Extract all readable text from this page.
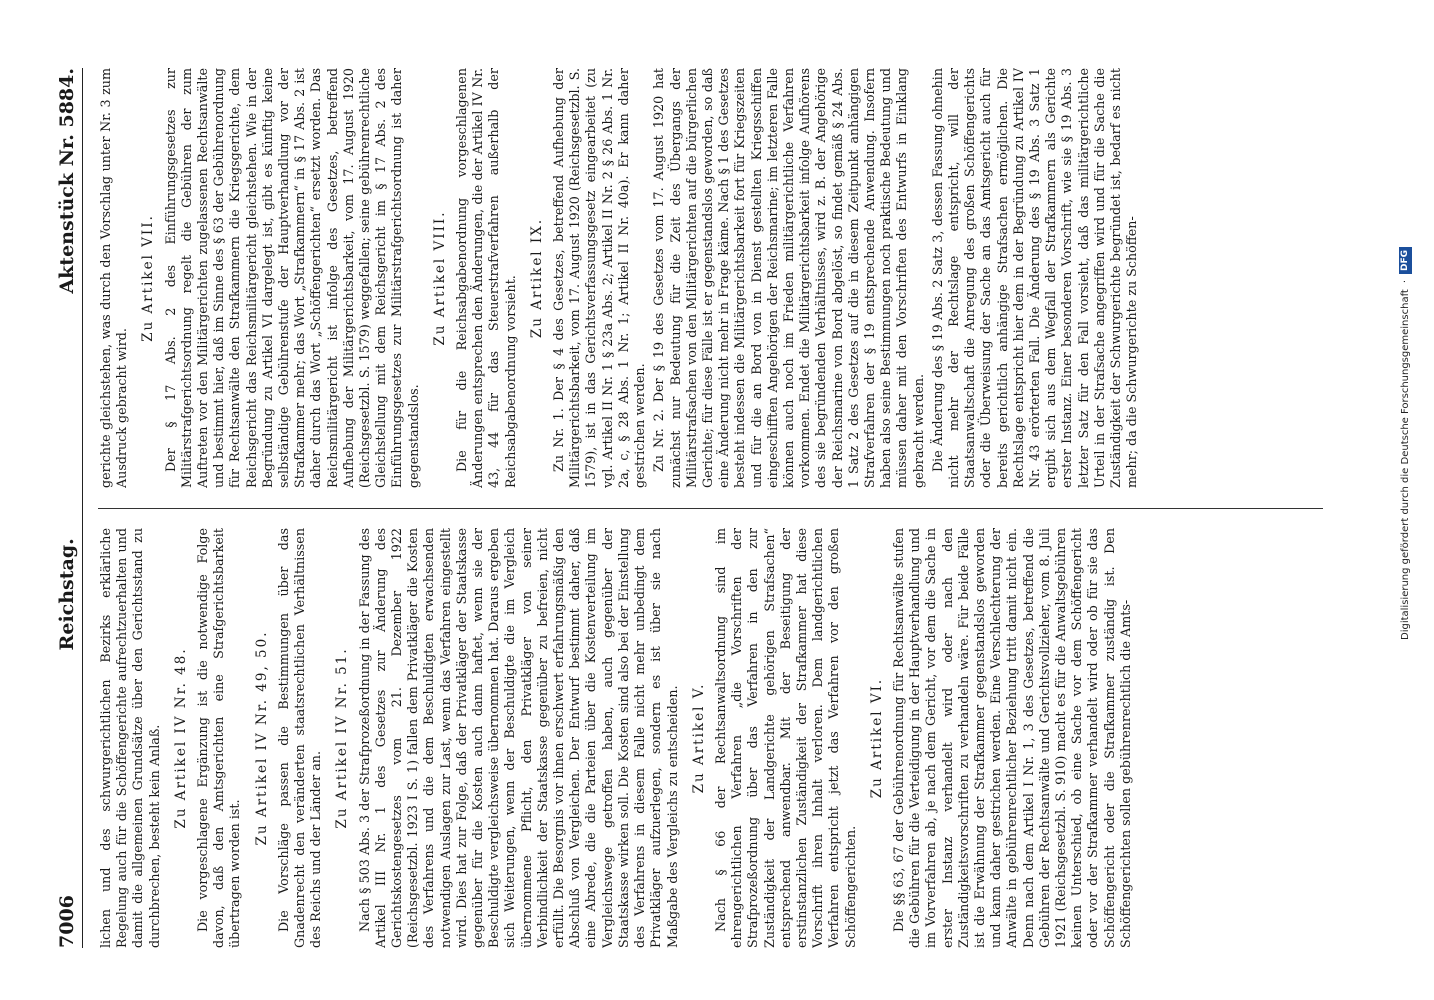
7006
Reichstag.
Aktenstück Nr. 5884.

lichen und des schwurgerichtlichen Bezirks erklärliche Regelung auch für die Schöffengerichte aufrechtzuerhalten und damit die allgemeinen Grundsätze über den Gerichtsstand zu durchbrechen, besteht kein Anlaß. Zu Artikel IV Nr. 48. Die vorgeschlagene Ergänzung ist die notwendige Folge davon, daß den Amtsgerichten eine Strafgerichtsbarkeit übertragen worden ist.

Zu Artikel IV Nr. 49, 50. Die Vorschläge passen die Bestimmungen über das Gnadenrecht den veränderten staatsrechtlichen Verhältnissen des Reichs und der Länder an.

Zu Artikel IV Nr. 51. Nach § 503 Abs. 3 der Strafprozeßordnung in der Fassung des Artikel III Nr. 1 des Gesetzes zur Änderung des Gerichtskostengesetzes vom 21. Dezember 1922 (Reichsgesetzbl. 1923 I S. 1) fallen dem Privatkläger die Kosten des Verfahrens und die dem Beschuldigten erwachsenden notwendigen Auslagen zur Last, wenn das Verfahren eingestellt wird. Dies hat zur Folge, daß der Privatkläger der Staatskasse gegenüber für die Kosten auch dann haftet, wenn sie der Beschuldigte vergleichsweise übernommen hat. Daraus ergeben sich Weiterungen, wenn der Beschuldigte die im Vergleich übernommene Pflicht, den Privatkläger von seiner Verbindlichkeit der Staatskasse gegenüber zu befreien, nicht erfüllt. Die Besorgnis vor ihnen erschwert erfahrungsmäßig den Abschluß von Vergleichen. Der Entwurf bestimmt daher, daß eine Abrede, die die Parteien über die Kostenverteilung im Vergleichswege getroffen haben, auch gegenüber der Staatskasse wirken soll. Die Kosten sind also bei der Einstellung des Verfahrens in diesem Falle nicht mehr unbedingt dem Privatkläger aufzuerlegen, sondern es ist über sie nach Maßgabe des Vergleichs zu entscheiden. Zu Artikel V. Nach § 66 der Rechtsanwaltsordnung sind im ehrengerichtlichen Verfahren „die Vorschriften der Strafprozeßordnung über das Verfahren in den zur Zuständigkeit der Landgerichte gehörigen Strafsachen“ entsprechend anwendbar. Mit der Beseitigung der erstinstanzlichen Zuständigkeit der Strafkammer hat diese Vorschrift ihren Inhalt verloren. Dem landgerichtlichen Verfahren entspricht jetzt das Verfahren vor den großen Schöffengerichten.

Zu Artikel VI. Die §§ 63, 67 der Gebührenordnung für Rechtsanwälte stufen die Gebühren für die Verteidigung in der Hauptverhandlung und im Vorverfahren ab, je nach dem Gericht, vor dem die Sache in erster Instanz verhandelt wird oder nach den Zuständigkeitsvorschriften zu verhandeln wäre. Für beide Fälle ist die Erwähnung der Strafkammer gegenstandslos geworden und kann daher gestrichen werden. Eine Verschlechterung der Anwälte in gebührenrechtlicher Beziehung tritt damit nicht ein. Denn nach dem Artikel I Nr. 1, 3 des Gesetzes, betreffend die Gebühren der Rechtsanwälte und Gerichtsvollzieher, vom 8. Juli 1921 (Reichsgesetzbl. S. 910) macht es für die Anwaltsgebühren keinen Unterschied, ob eine Sache vor dem Schöffengericht oder vor der Strafkammer verhandelt wird oder ob für sie das Schöffengericht oder die Strafkammer zuständig ist. Den Schöffengerichten sollen gebührenrechtlich die Amts-

gerichte gleichstehen, was durch den Vorschlag unter Nr. 3 zum Ausdruck gebracht wird.

Zu Artikel VII. Der § 17 Abs. 2 des Einführungsgesetzes zur Militärstrafgerichtsordnung regelt die Gebühren der zum Auftreten vor den Militärgerichten zugelassenen Rechtsanwälte und bestimmt hier, daß im Sinne des § 63 der Gebührenordnung für Rechtsanwälte den Strafkammern die Kriegsgerichte, dem Reichsgericht das Reichsmilitärgericht gleichstehen. Wie in der Begründung zu Artikel VI dargelegt ist, gibt es künftig keine selbständige Gebührenstufe der Hauptverhandlung vor der Strafkammer mehr; das Wort „Strafkammern“ in § 17 Abs. 2 ist daher durch das Wort „Schöffengerichten“ ersetzt worden. Das Reichsmilitärgericht ist infolge des Gesetzes, betreffend Aufhebung der Militärgerichtsbarkeit, vom 17. August 1920 (Reichsgesetzbl. S. 1579) weggefallen; seine gebührenrechtliche Gleichstellung mit dem Reichsgericht im § 17 Abs. 2 des Einführungsgesetzes zur Militärstrafgerichtsordnung ist daher gegenstandslos.

Zu Artikel VIII. Die für die Reichsabgabenordnung vorgeschlagenen Änderungen entsprechen den Änderungen, die der Artikel IV Nr. 43, 44 für das Steuerstrafverfahren außerhalb der Reichsabgabenordnung vorsieht. Zu Artikel IX. Zu Nr. 1. Der § 4 des Gesetzes, betreffend Aufhebung der Militärgerichtsbarkeit, vom 17. August 1920 (Reichsgesetzbl. S. 1579), ist in das Gerichtsverfassungsgesetz eingearbeitet (zu vgl. Artikel II Nr. 1 § 23a Abs. 2; Artikel II Nr. 2 § 26 Abs. 1 Nr. 2a, c, § 28 Abs. 1 Nr. 1; Artikel II Nr. 40a). Er kann daher gestrichen werden. Zu Nr. 2. Der § 19 des Gesetzes vom 17. August 1920 hat zunächst nur Bedeutung für die Zeit des Übergangs der Militärstrafsachen von den Militärgerichten auf die bürgerlichen Gerichte; für diese Fälle ist er gegenstandslos geworden, so daß eine Änderung nicht mehr in Frage käme. Nach § 1 des Gesetzes besteht indessen die Militärgerichtsbarkeit fort für Kriegszeiten und für die an Bord von in Dienst gestellten Kriegsschiffen eingeschifften Angehörigen der Reichsmarine; im letzteren Falle können auch noch im Frieden militärgerichtliche Verfahren vorkommen. Endet die Militärgerichtsbarkeit infolge Aufhörens des sie begründenden Verhältnisses, wird z. B. der Angehörige der Reichsmarine von Bord abgelöst, so findet gemäß § 24 Abs. 1 Satz 2 des Gesetzes auf die in diesem Zeitpunkt anhängigen Strafverfahren der § 19 entsprechende Anwendung. Insofern haben also seine Bestimmungen noch praktische Bedeutung und müssen daher mit den Vorschriften des Entwurfs in Einklang gebracht werden. Die Änderung des § 19 Abs. 2 Satz 3, dessen Fassung ohnehin nicht mehr der Rechtslage entspricht, will der Staatsanwaltschaft die Anregung des großen Schöffengerichts oder die Überweisung der Sache an das Amtsgericht auch für bereits gerichtlich anhängige Strafsachen ermöglichen. Die Rechtslage entspricht hier dem in der Begründung zu Artikel IV Nr. 43 erörterten Fall. Die Änderung des § 19 Abs. 3 Satz 1 ergibt sich aus dem Wegfall der Strafkammern als Gerichte erster Instanz. Einer besonderen Vorschrift, wie sie § 19 Abs. 3 letzter Satz für den Fall vorsieht, daß das militärgerichtliche Urteil in der Strafsache angegriffen wird und für die Sache die Zuständigkeit der Schwurgerichte begründet ist, bedarf es nicht mehr; da die Schwurgerichte zu Schöffen-	Digitalisierung gefördert durch die Deutsche Forschungsgemeinschaft
·
DFG
